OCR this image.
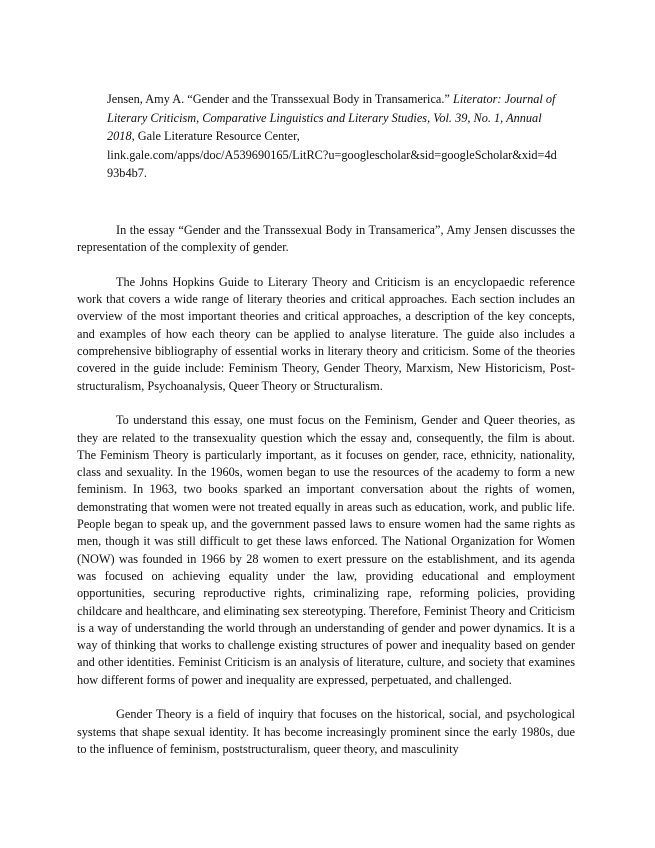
Jensen, Amy A. “Gender and the Transsexual Body in Transamerica.” Literator: Journal of
Literary Criticism, Comparative Linguistics and Literary Studies, Vol. 39, No. 1, Annual
2018, Gale Literature Resource Center,
link.gale.com/apps/doc/A539690165/LitRC?u=googlescholar&sid=googleScholar&xid=4d
93b4b7.

In the essay “Gender and the Transsexual Body in Transamerica”, Amy Jensen discusses the representation of the complexity of gender.

The Johns Hopkins Guide to Literary Theory and Criticism is an encyclopaedic reference work that covers a wide range of literary theories and critical approaches. Each section includes an overview of the most important theories and critical approaches, a description of the key concepts, and examples of how each theory can be applied to analyse literature. The guide also includes a comprehensive bibliography of essential works in literary theory and criticism. Some of the theories covered in the guide include: Feminism Theory, Gender Theory, Marxism, New Historicism, Post-structuralism, Psychoanalysis, Queer Theory or Structuralism.

To understand this essay, one must focus on the Feminism, Gender and Queer theories, as they are related to the transexuality question which the essay and, consequently, the film is about. The Feminism Theory is particularly important, as it focuses on gender, race, ethnicity, nationality, class and sexuality. In the 1960s, women began to use the resources of the academy to form a new feminism. In 1963, two books sparked an important conversation about the rights of women, demonstrating that women were not treated equally in areas such as education, work, and public life. People began to speak up, and the government passed laws to ensure women had the same rights as men, though it was still difficult to get these laws enforced. The National Organization for Women (NOW) was founded in 1966 by 28 women to exert pressure on the establishment, and its agenda was focused on achieving equality under the law, providing educational and employment opportunities, securing reproductive rights, criminalizing rape, reforming policies, providing childcare and healthcare, and eliminating sex stereotyping. Therefore, Feminist Theory and Criticism is a way of understanding the world through an understanding of gender and power dynamics. It is a way of thinking that works to challenge existing structures of power and inequality based on gender and other identities. Feminist Criticism is an analysis of literature, culture, and society that examines how different forms of power and inequality are expressed, perpetuated, and challenged.

Gender Theory is a field of inquiry that focuses on the historical, social, and psychological systems that shape sexual identity. It has become increasingly prominent since the early 1980s, due to the influence of feminism, poststructuralism, queer theory, and masculinity
